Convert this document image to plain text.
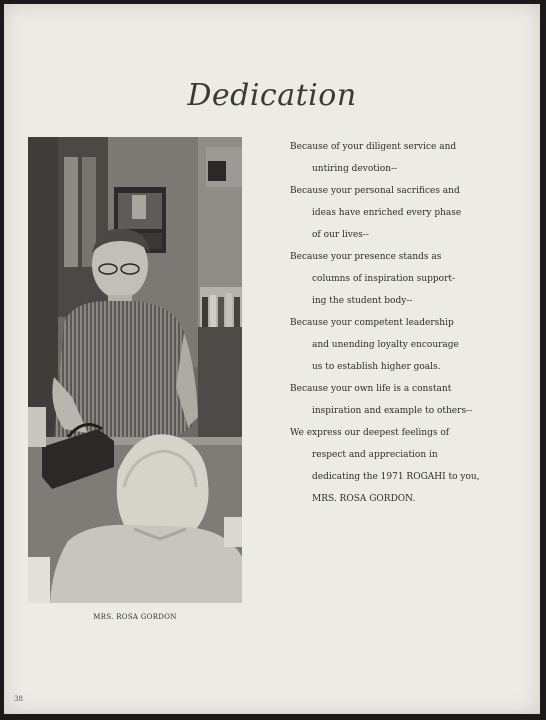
Dedication
MRS. ROSA GORDON
Because of your diligent service and
untiring devotion--
Because your personal sacrifices and
ideas have enriched every phase
of our lives--
Because your presence stands as
columns of inspiration support-
ing the student body--
Because your competent leadership
and unending loyalty encourage
us to establish higher goals.
Because your own life is a constant
inspiration and example to others--
We express our deepest feelings of
respect and appreciation in
dedicating the 1971 ROGAHI to you,
MRS. ROSA GORDON.
38
